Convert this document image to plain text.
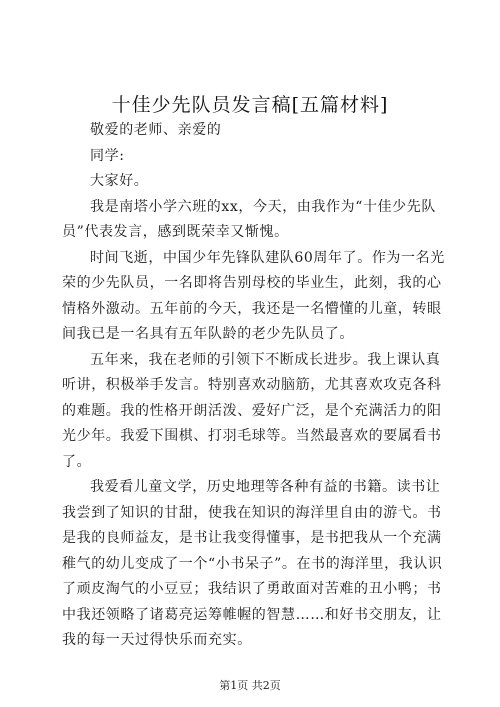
十佳少先队员发言稿[五篇材料]

敬爱的老师、亲爱的

同学:

大家好。

我是南塔小学六班的xx，今天，由我作为“十佳少先队员”代表发言，感到既荣幸又惭愧。

时间飞逝，中国少年先锋队建队60周年了。作为一名光荣的少先队员，一名即将告别母校的毕业生，此刻，我的心情格外激动。五年前的今天，我还是一名懵懂的儿童，转眼间我已是一名具有五年队龄的老少先队员了。

五年来，我在老师的引领下不断成长进步。我上课认真听讲，积极举手发言。特别喜欢动脑筋，尤其喜欢攻克各科的难题。我的性格开朗活泼、爱好广泛，是个充满活力的阳光少年。我爱下围棋、打羽毛球等。当然最喜欢的要属看书了。

我爱看儿童文学，历史地理等各种有益的书籍。读书让我尝到了知识的甘甜，使我在知识的海洋里自由的游弋。书是我的良师益友，是书让我变得懂事，是书把我从一个充满稚气的幼儿变成了一个“小书呆子”。在书的海洋里，我认识了顽皮淘气的小豆豆；我结识了勇敢面对苦难的丑小鸭；书中我还领略了诸葛亮运筹帷幄的智慧……和好书交朋友，让我的每一天过得快乐而充实。

第1页 共2页
